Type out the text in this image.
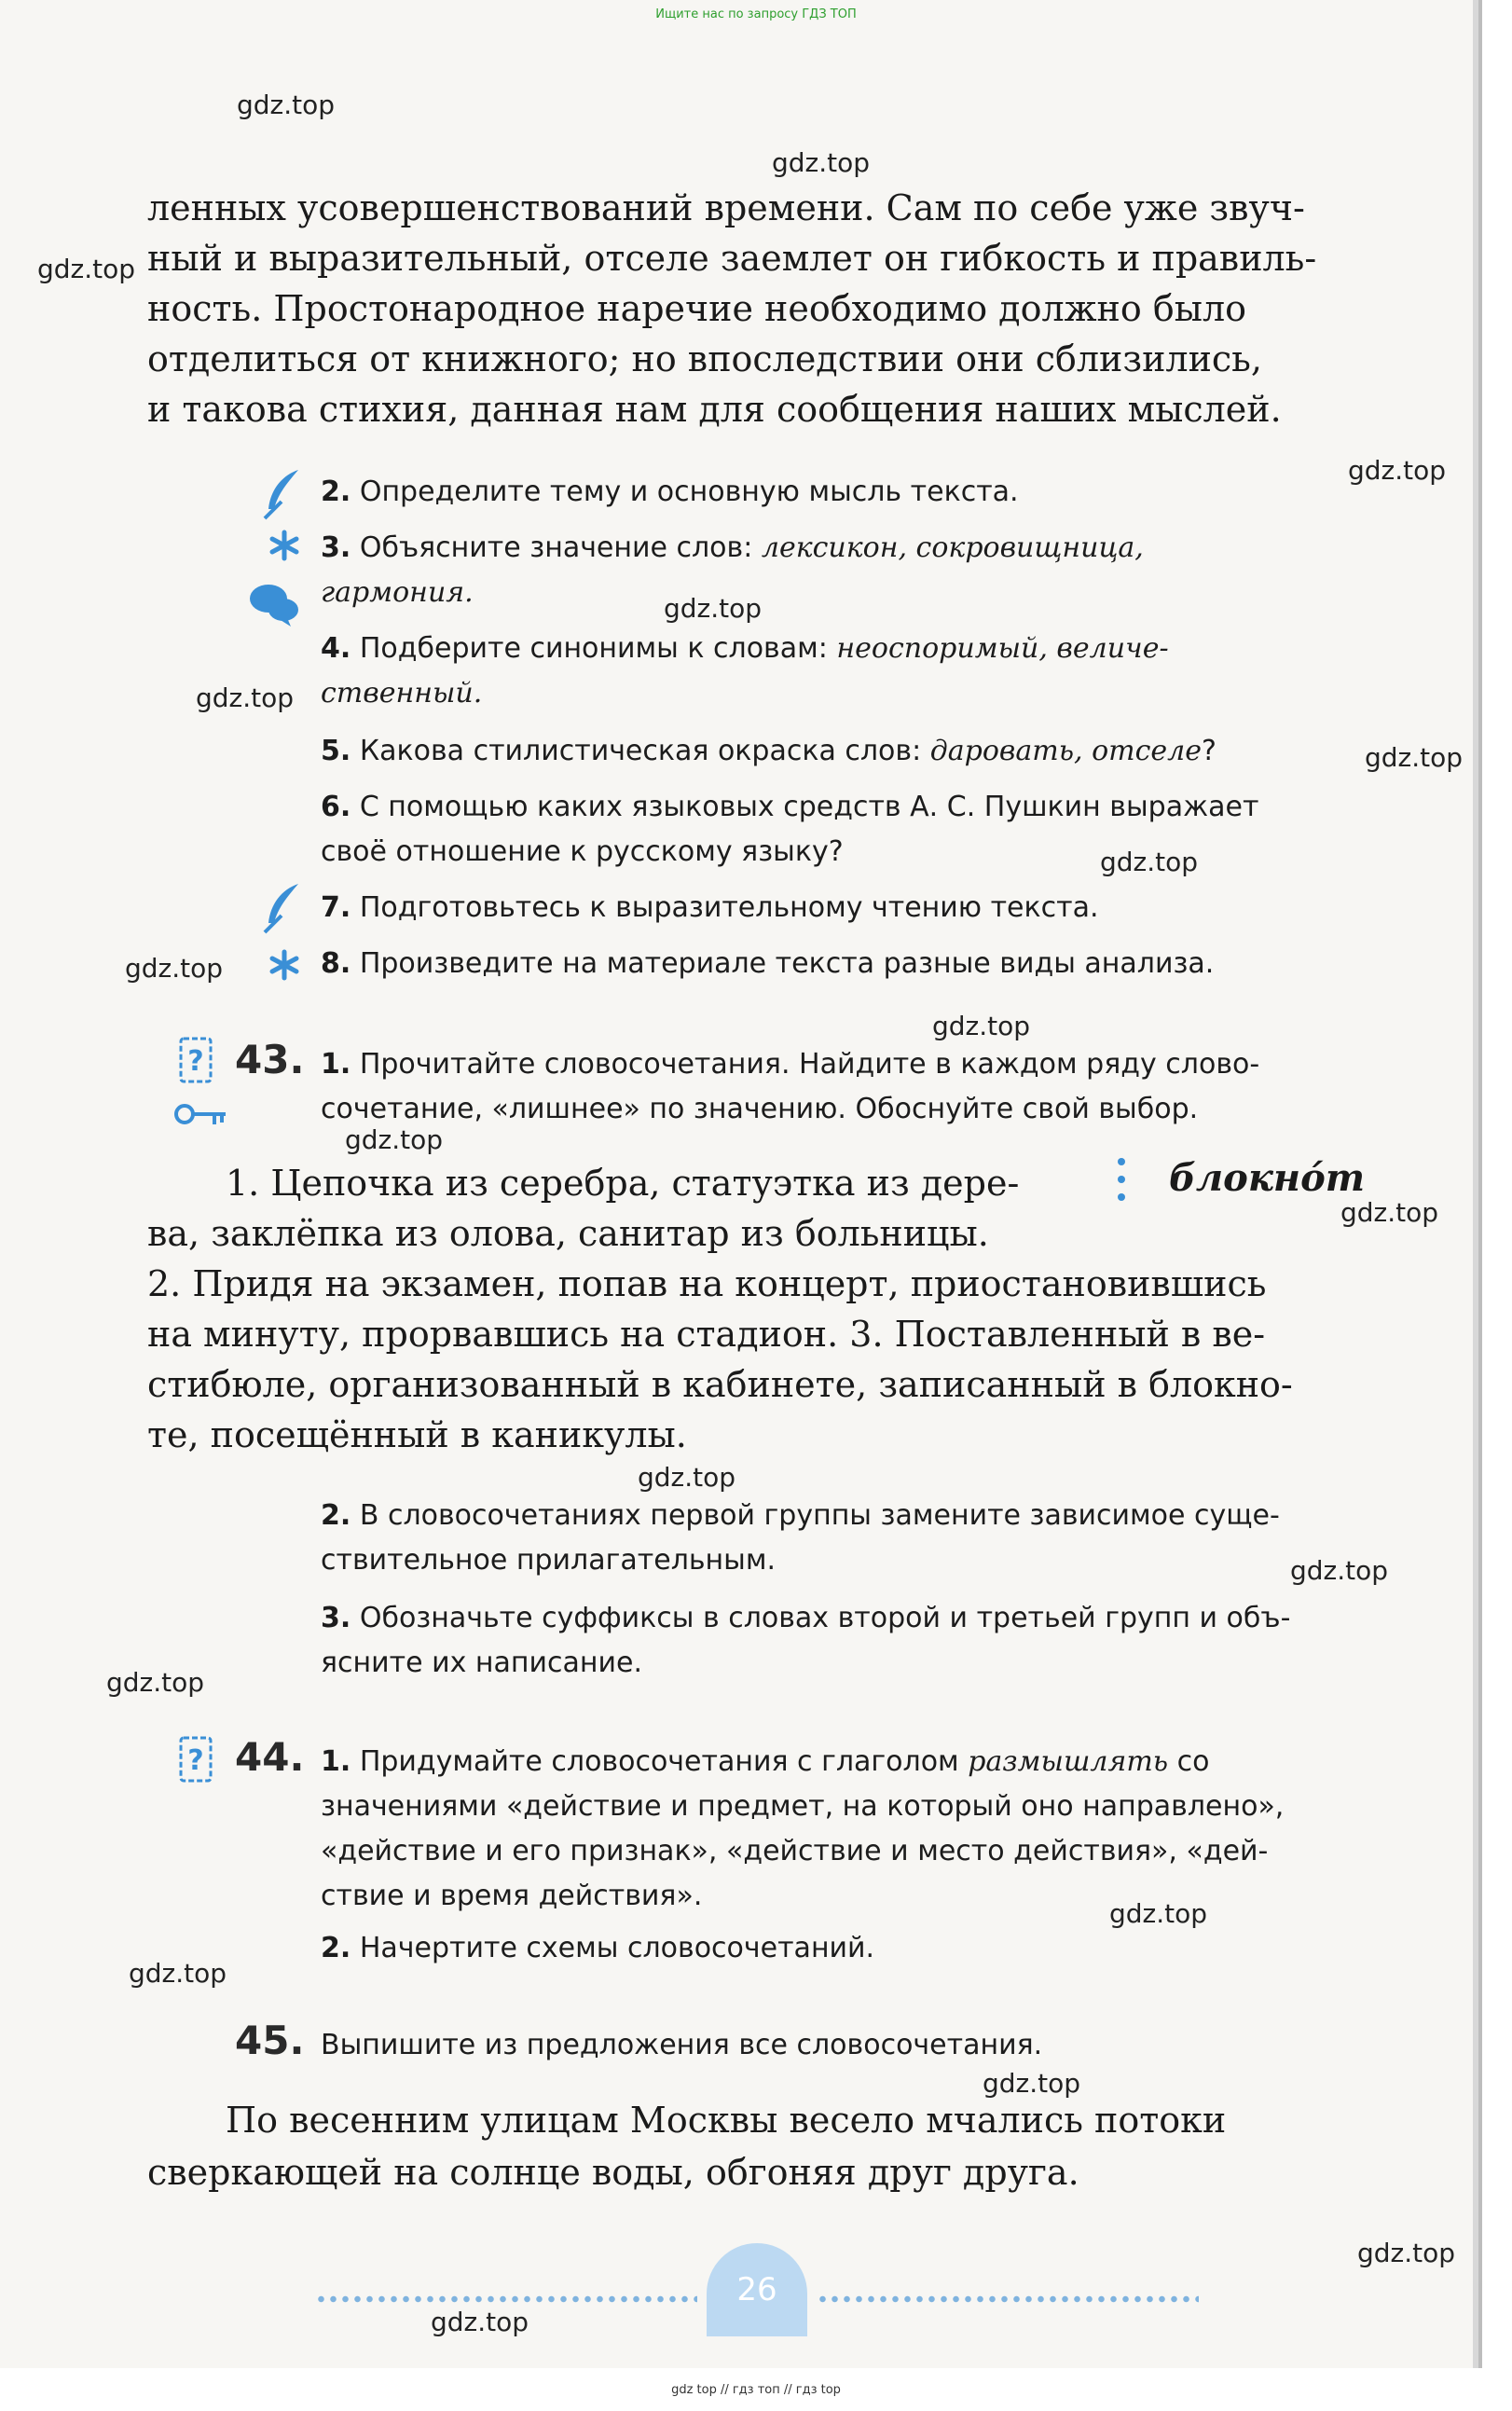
Ищите нас по запросу ГДЗ ТОП
ленных усовершенствований времени. Сам по себе уже звуч-
ный и выразительный, отселе заемлет он гибкость и правиль-
ность. Простонародное наречие необходимо должно было
отделиться от книжного; но впоследствии они сблизились,
и такова стихия, данная нам для сообщения наших мыслей.
2. Определите тему и основную мысль текста.
3. Объясните значение слов: лексикон, сокровищница,
гармония.
4. Подберите синонимы к словам: неоспоримый, величе-
ственный.
5. Какова стилистическая окраска слов: даровать, отселе?
6. С помощью каких языковых средств А. С. Пушкин выражает
своё отношение к русскому языку?
7. Подготовьтесь к выразительному чтению текста.
8. Произведите на материале текста разные виды анализа.
? 43. 1. Прочитайте словосочетания. Найдите в каждом ряду слово-
сочетание, «лишнее» по значению. Обоснуйте свой выбор.
1. Цепочка из серебра, статуэтка из дере-	блокнóт
ва, заклёпка из олова, санитар из больницы.
2. Придя на экзамен, попав на концерт, приостановившись
на минуту, прорвавшись на стадион. 3. Поставленный в ве-
стибюле, организованный в кабинете, записанный в блокно-
те, посещённый в каникулы.
2. В словосочетаниях первой группы замените зависимое суще-
ствительное прилагательным.
3. Обозначьте суффиксы в словах второй и третьей групп и объ-
ясните их написание.
? 44. 1. Придумайте словосочетания с глаголом размышлять со
значениями «действие и предмет, на который оно направлено»,
«действие и его признак», «действие и место действия», «дей-
ствие и время действия».
2. Начертите схемы словосочетаний.
45. Выпишите из предложения все словосочетания.
По весенним улицам Москвы весело мчались потоки
сверкающей на солнце воды, обгоняя друг друга.
26
gdz.top
gdz.top
gdz.top
gdz.top
gdz.top
gdz.top
gdz.top
gdz.top
gdz.top
gdz.top
gdz.top
gdz.top
gdz.top
gdz.top
gdz.top
gdz.top
gdz.top
gdz.top
gdz.top
gdz.top
gdz top // гдз топ // гдз top
